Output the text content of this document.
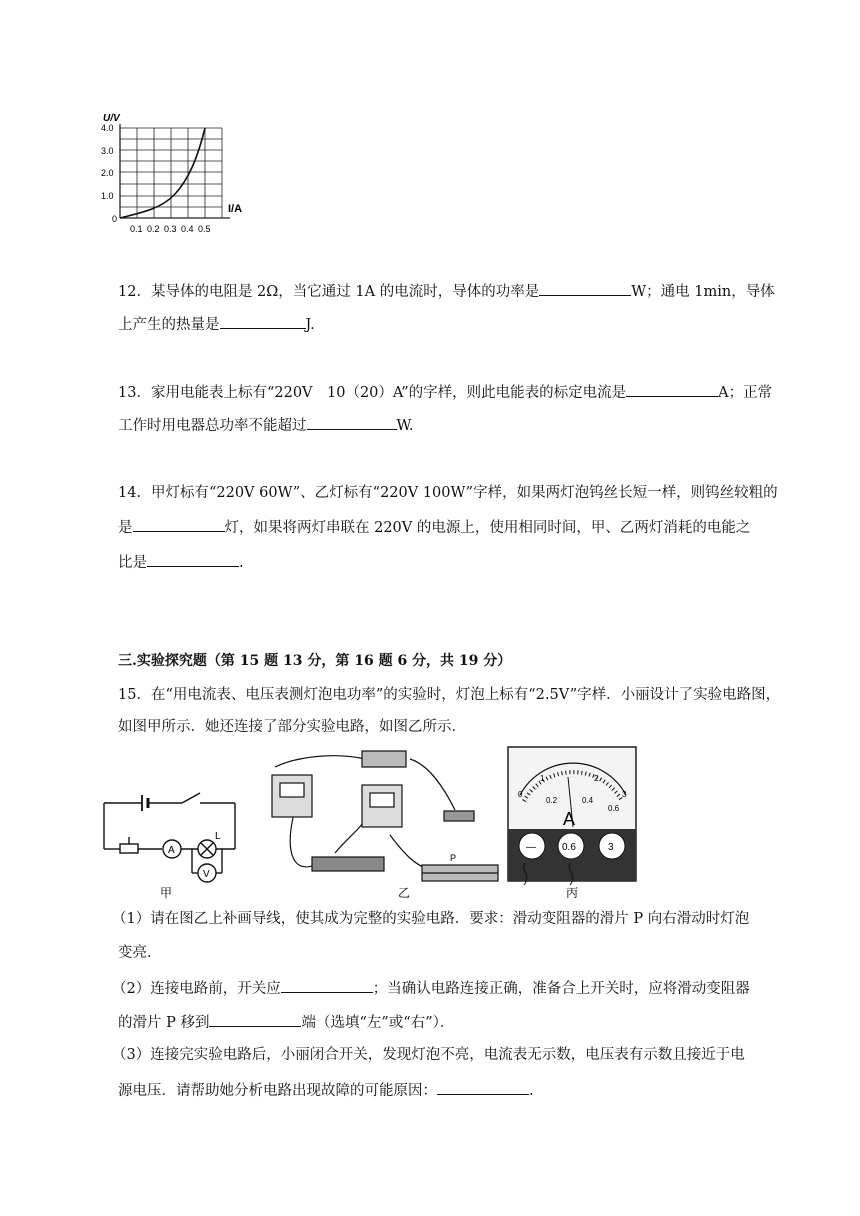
U/V
4.0
3.0
2.0
1.0
0
0.1 0.2 0.3 0.4 0.5
I/A
12．某导体的电阻是 2Ω，当它通过 1A 的电流时，导体的功率是	W；通电 1min，导体
上产生的热量是	J.
13．家用电能表上标有“220V　10（20）A”的字样，则此电能表的标定电流是	A；正常
工作时用电器总功率不能超过	W.
14．甲灯标有“220V 60W”、乙灯标有“220V 100W”字样，如果两灯泡钨丝长短一样，则钨丝较粗的
是	灯，如果将两灯串联在 220V 的电源上，使用相同时间，甲、乙两灯消耗的电能之
比是	.
三.实验探究题（第 15 题 13 分，第 16 题 6 分，共 19 分）
15．在“用电流表、电压表测灯泡电功率”的实验时，灯泡上标有“2.5V”字样．小丽设计了实验电路图，
如图甲所示．她还连接了部分实验电路，如图乙所示．
A
V
L
甲
P
乙
A
0
1	2
3
0.2	0.4
0.6
—	0.6	3
丙
（1）请在图乙上补画导线，使其成为完整的实验电路．要求：滑动变阻器的滑片 P 向右滑动时灯泡
变亮．
（2）连接电路前，开关应	；当确认电路连接正确，准备合上开关时，应将滑动变阻器
的滑片 P 移到	端（选填“左”或“右”）．
（3）连接完实验电路后，小丽闭合开关，发现灯泡不亮，电流表无示数，电压表有示数且接近于电
源电压．请帮助她分析电路出现故障的可能原因：	.
